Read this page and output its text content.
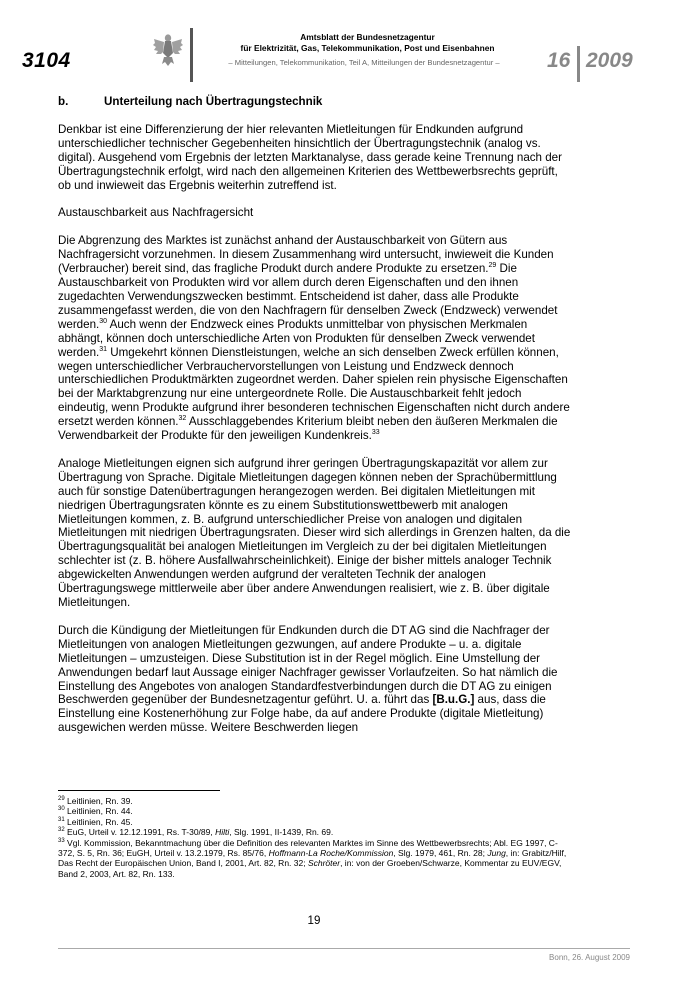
3104
Amtsblatt der Bundesnetzagentur
für Elektrizität, Gas, Telekommunikation, Post und Eisenbahnen
– Mitteilungen, Telekommunikation, Teil A, Mitteilungen der Bundesnetzagentur –	16 2009
b.	Unterteilung nach Übertragungstechnik

Denkbar ist eine Differenzierung der hier relevanten Mietleitungen für Endkunden aufgrund unterschiedlicher technischer Gegebenheiten hinsichtlich der Übertragungstechnik (analog vs. digital). Ausgehend vom Ergebnis der letzten Marktanalyse, dass gerade keine Trennung nach der Übertragungstechnik erfolgt, wird nach den allgemeinen Kriterien des Wettbewerbsrechts geprüft, ob und inwieweit das Ergebnis weiterhin zutreffend ist.

Austauschbarkeit aus Nachfragersicht

Die Abgrenzung des Marktes ist zunächst anhand der Austauschbarkeit von Gütern aus Nachfragersicht vorzunehmen. In diesem Zusammenhang wird untersucht, inwieweit die Kunden (Verbraucher) bereit sind, das fragliche Produkt durch andere Produkte zu ersetzen.$^{29}$ Die Austauschbarkeit von Produkten wird vor allem durch deren Eigenschaften und den ihnen zugedachten Verwendungszwecken bestimmt. Entscheidend ist daher, dass alle Produkte zusammengefasst werden, die von den Nachfragern für denselben Zweck (Endzweck) verwendet werden.$^{30}$ Auch wenn der Endzweck eines Produkts unmittelbar von physischen Merkmalen abhängt, können doch unterschiedliche Arten von Produkten für denselben Zweck verwendet werden.$^{31}$ Umgekehrt können Dienstleistungen, welche an sich denselben Zweck erfüllen können, wegen unterschiedlicher Verbrauchervorstellungen von Leistung und Endzweck dennoch unterschiedlichen Produktmärkten zugeordnet werden. Daher spielen rein physische Eigenschaften bei der Marktabgrenzung nur eine untergeordnete Rolle. Die Austauschbarkeit fehlt jedoch eindeutig, wenn Produkte aufgrund ihrer besonderen technischen Eigenschaften nicht durch andere ersetzt werden können.$^{32}$ Ausschlaggebendes Kriterium bleibt neben den äußeren Merkmalen die Verwendbarkeit der Produkte für den jeweiligen Kundenkreis.$^{33}$

Analoge Mietleitungen eignen sich aufgrund ihrer geringen Übertragungskapazität vor allem zur Übertragung von Sprache. Digitale Mietleitungen dagegen können neben der Sprachübermittlung auch für sonstige Datenübertragungen herangezogen werden. Bei digitalen Mietleitungen mit niedrigen Übertragungsraten könnte es zu einem Substitutionswettbewerb mit analogen Mietleitungen kommen, z. B. aufgrund unterschiedlicher Preise von analogen und digitalen Mietleitungen mit niedrigen Übertragungsraten. Dieser wird sich allerdings in Grenzen halten, da die Übertragungsqualität bei analogen Mietleitungen im Vergleich zu der bei digitalen Mietleitungen schlechter ist (z. B. höhere Ausfallwahrscheinlichkeit). Einige der bisher mittels analoger Technik abgewickelten Anwendungen werden aufgrund der veralteten Technik der analogen Übertragungswege mittlerweile aber über andere Anwendungen realisiert, wie z. B. über digitale Mietleitungen.

Durch die Kündigung der Mietleitungen für Endkunden durch die DT AG sind die Nachfrager der Mietleitungen von analogen Mietleitungen gezwungen, auf andere Produkte – u. a. digitale Mietleitungen – umzusteigen. Diese Substitution ist in der Regel möglich. Eine Umstellung der Anwendungen bedarf laut Aussage einiger Nachfrager gewisser Vorlaufzeiten. So hat nämlich die Einstellung des Angebotes von analogen Standardfestverbindungen durch die DT AG zu einigen Beschwerden gegenüber der Bundesnetzagentur geführt. U. a. führt das [B.u.G.] aus, dass die Einstellung eine Kostenerhöhung zur Folge habe, da auf andere Produkte (digitale Mietleitung) ausgewichen werden müsse. Weitere Beschwerden liegen

$^{29}$ Leitlinien, Rn. 39.

$^{30}$ Leitlinien, Rn. 44.

$^{31}$ Leitlinien, Rn. 45.

$^{32}$ EuG, Urteil v. 12.12.1991, Rs. T-30/89, Hilti, Slg. 1991, II-1439, Rn. 69.

$^{33}$ Vgl. Kommission, Bekanntmachung über die Definition des relevanten Marktes im Sinne des Wettbewerbsrechts; Abl. EG 1997, C-372, S. 5, Rn. 36; EuGH, Urteil v. 13.2.1979, Rs. 85/76, Hoffmann-La Roche/Kommission, Slg. 1979, 461, Rn. 28; Jung, in: Grabitz/Hilf, Das Recht der Europäischen Union, Band I, 2001, Art. 82, Rn. 32; Schröter, in: von der Groeben/Schwarze, Kommentar zu EUV/EGV, Band 2, 2003, Art. 82, Rn. 133.

19
Bonn, 26. August 2009
